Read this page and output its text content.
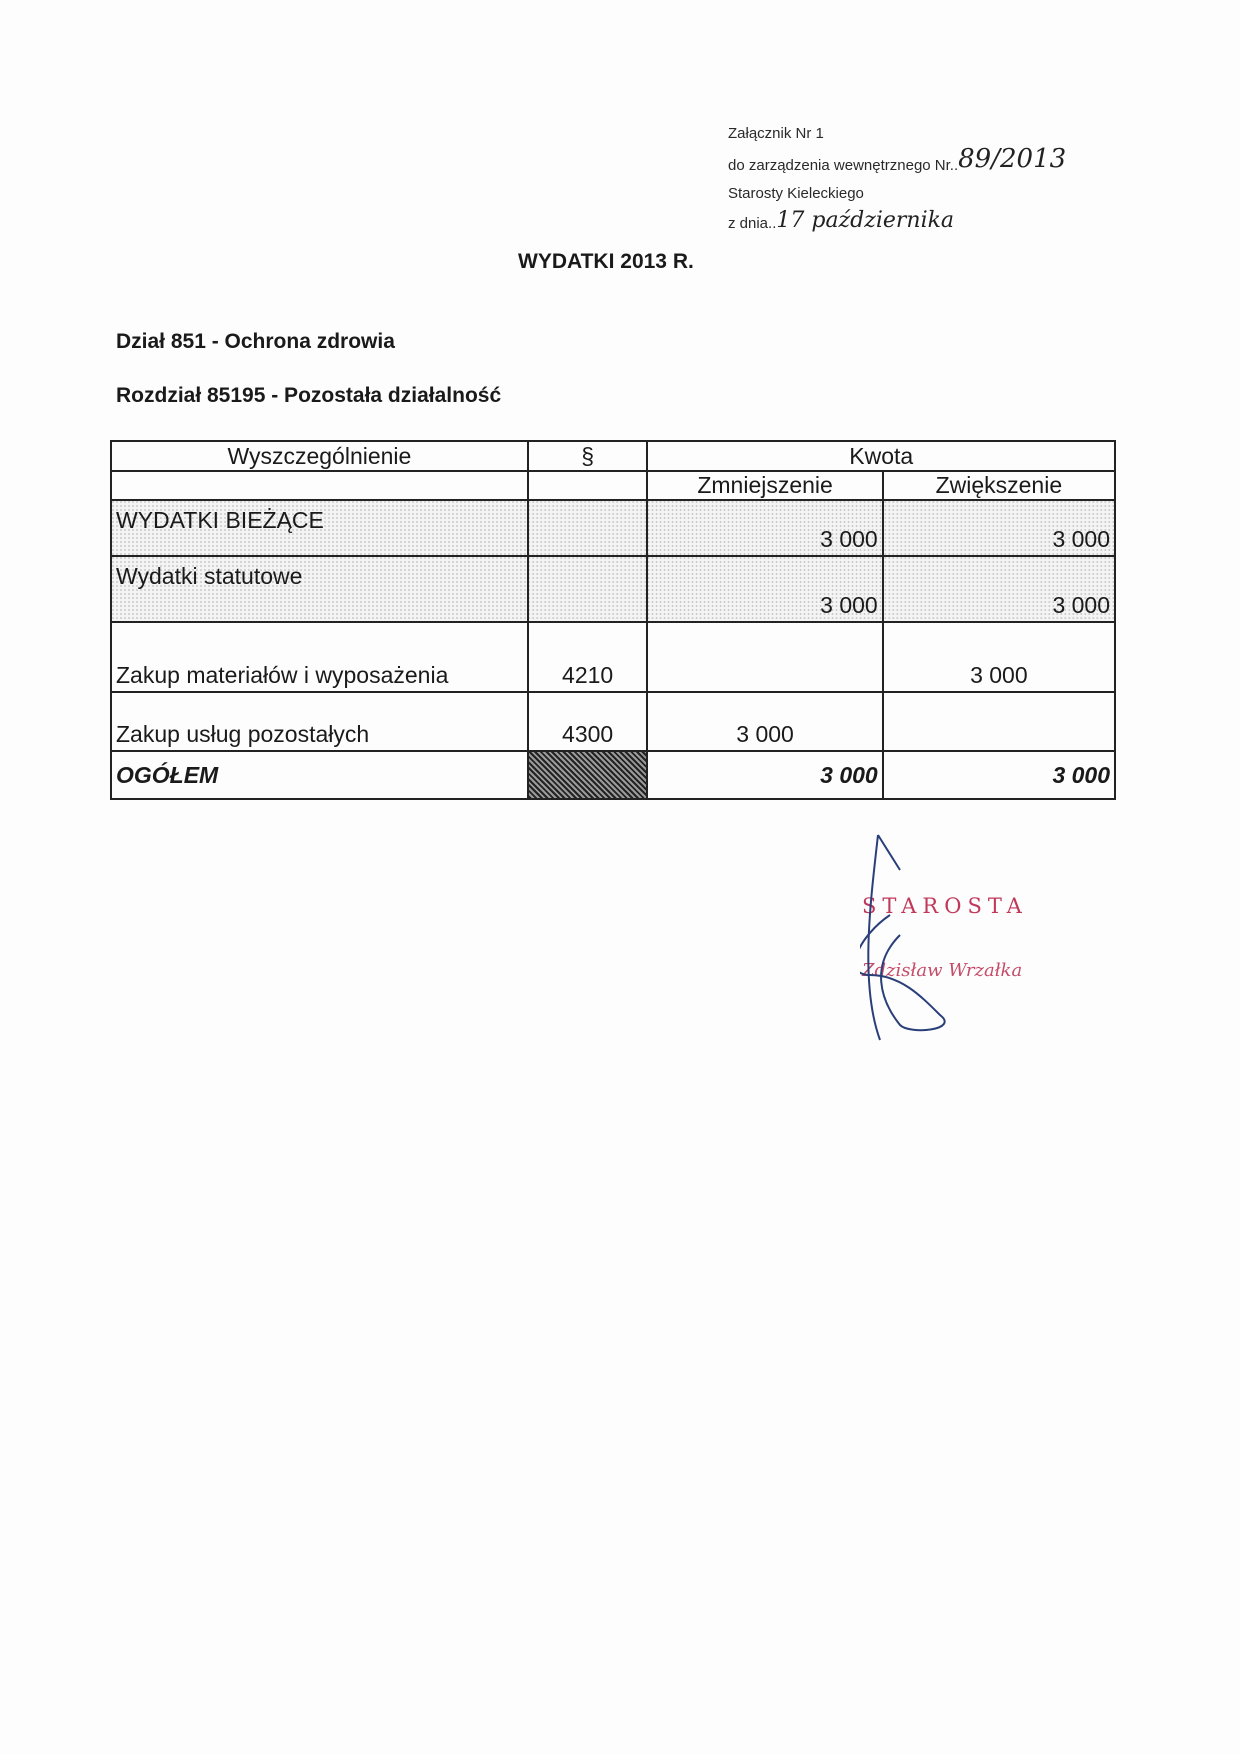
Załącznik Nr 1
do zarządzenia wewnętrznego Nr..89/2013
Starosty Kieleckiego
z dnia..17 października
WYDATKI 2013 R.
Dział 851 - Ochrona zdrowia
Rozdział 85195 - Pozostała działalność
Wyszczególnienie	§	Kwota	
		Zmniejszenie	Zwiększenie
WYDATKI BIEŻĄCE		3 000	3 000
Wydatki statutowe		3 000	3 000
Zakup materiałów i wyposażenia	4210		3 000
Zakup usług pozostałych	4300	3 000	
OGÓŁEM		3 000	3 000
STAROSTA
Zdzisław Wrzałka
